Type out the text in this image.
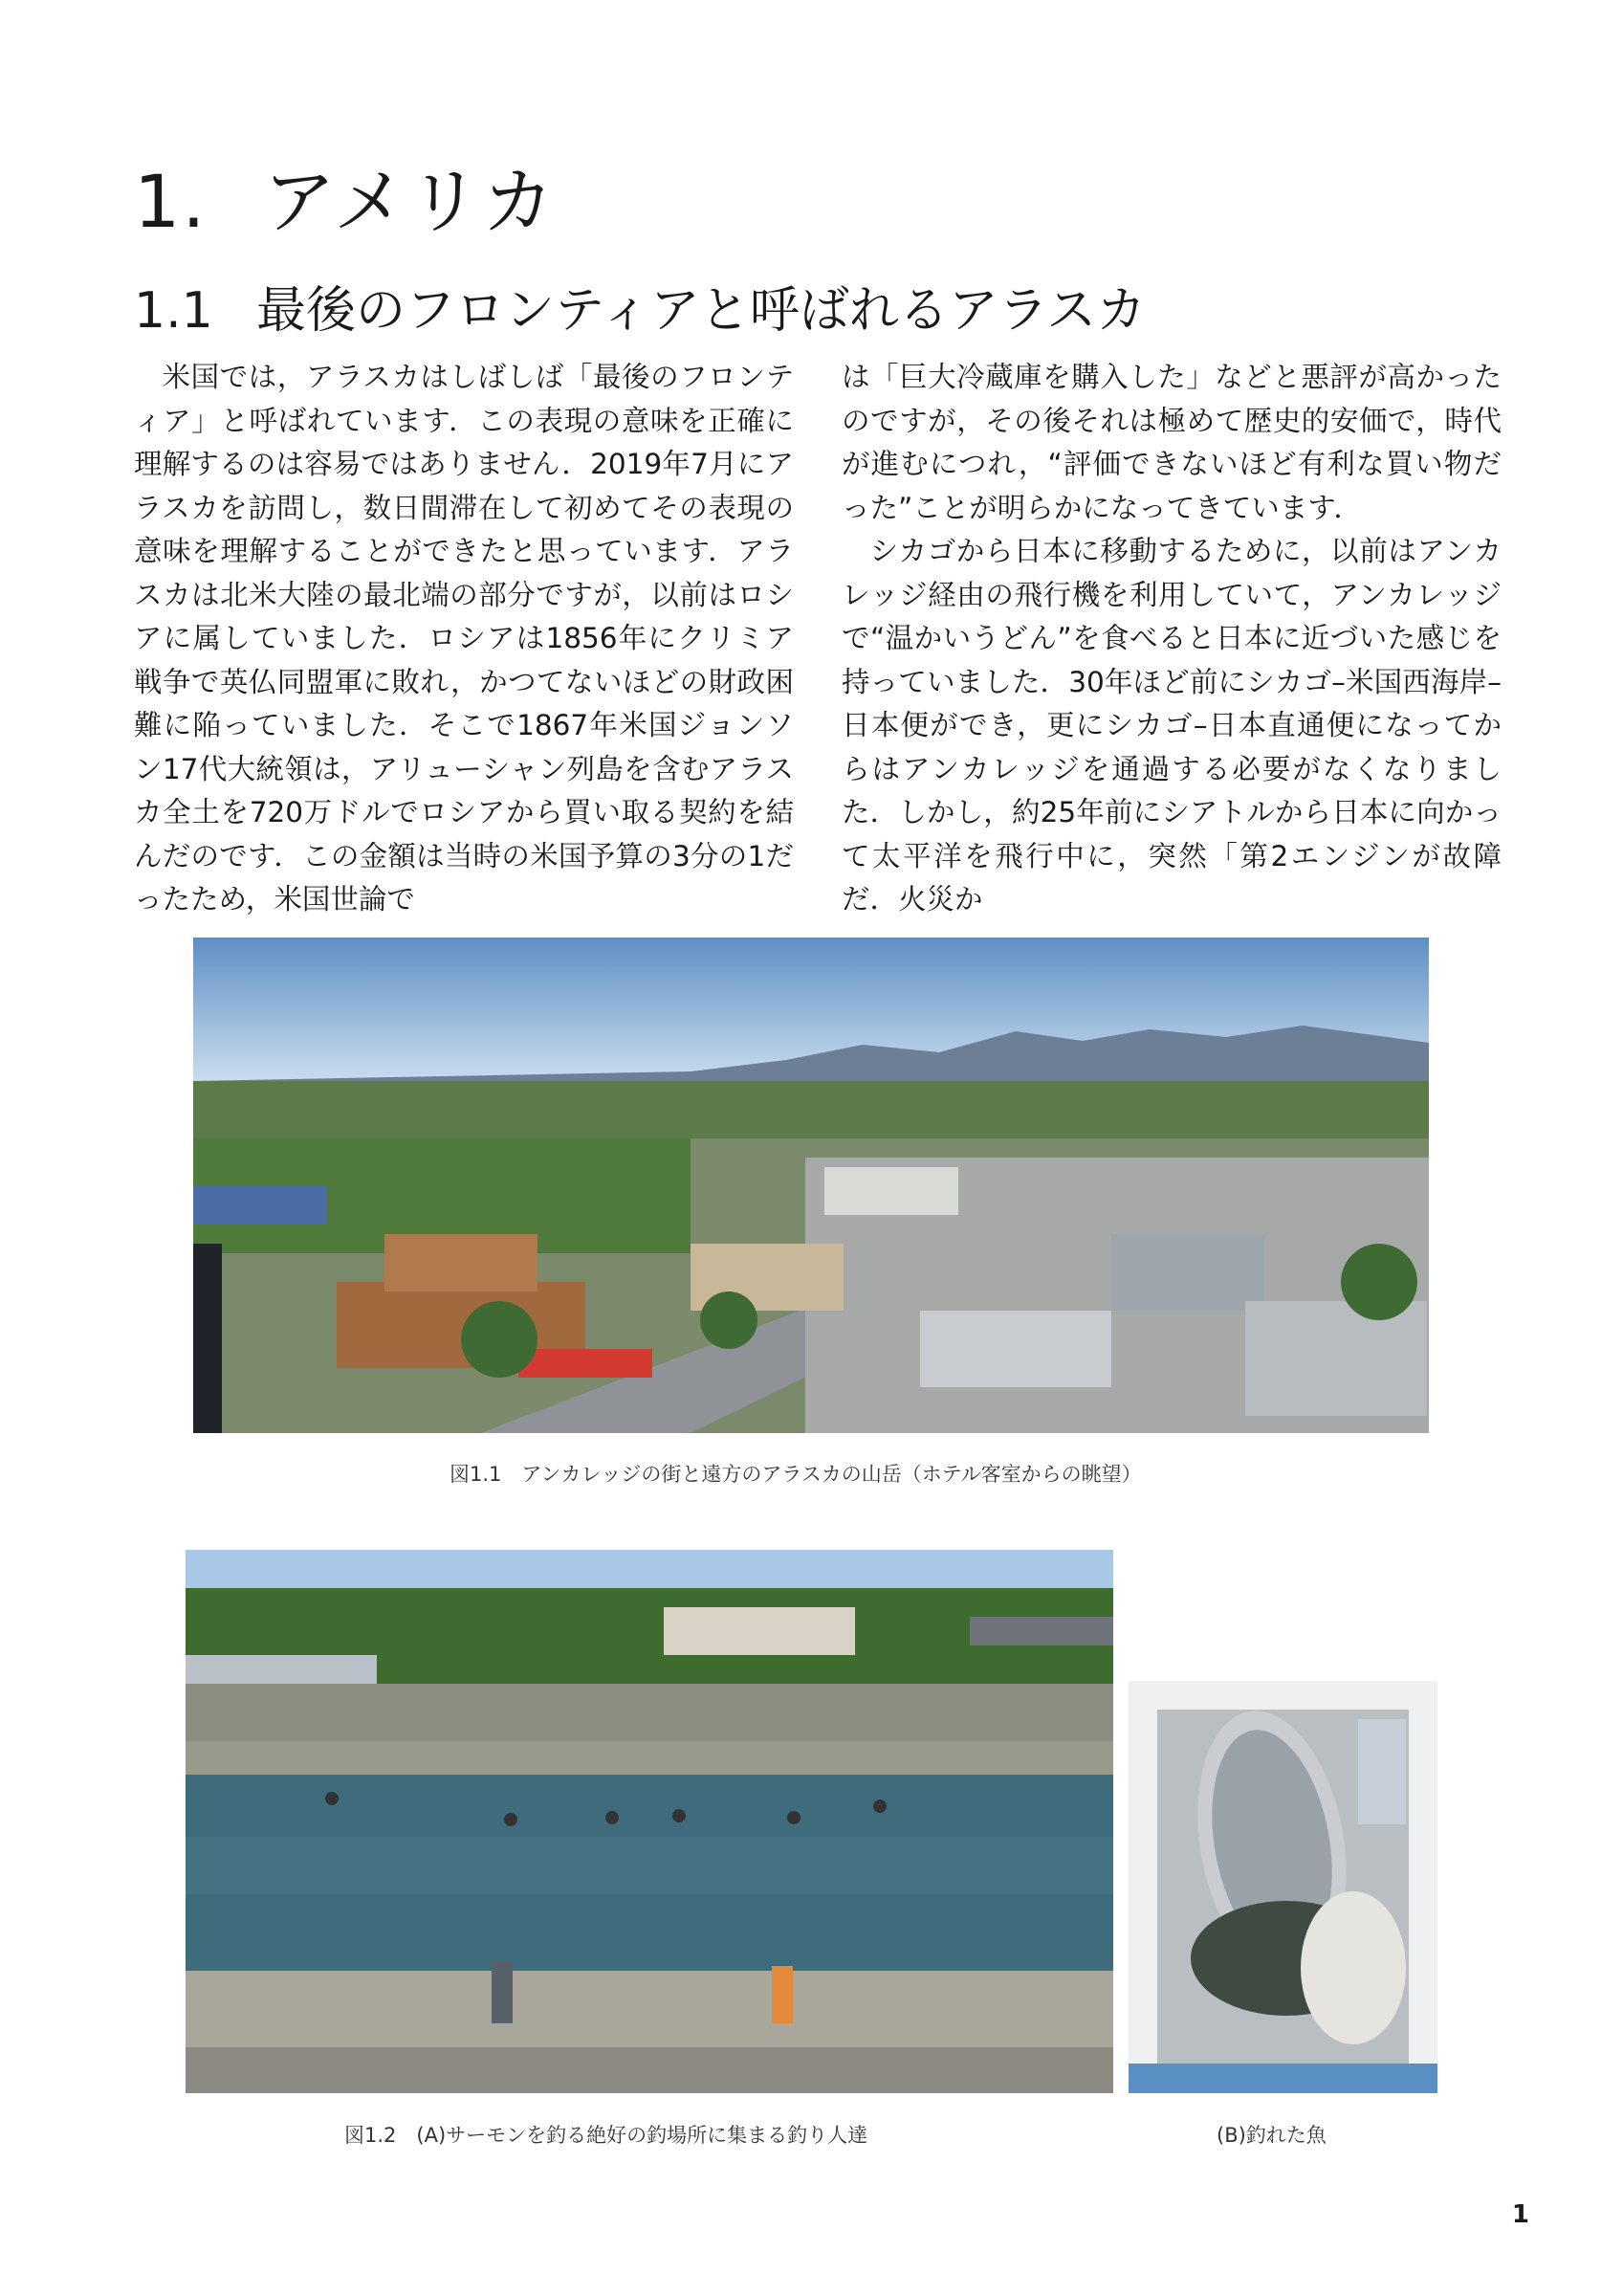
1. アメリカ
1.1 最後のフロンティアと呼ばれるアラスカ

米国では，アラスカはしばしば「最後のフロンティア」と呼ばれています．この表現の意味を正確に理解するのは容易ではありません．2019年7月にアラスカを訪問し，数日間滞在して初めてその表現の意味を理解することができたと思っています．アラスカは北米大陸の最北端の部分ですが，以前はロシアに属していました．ロシアは1856年にクリミア戦争で英仏同盟軍に敗れ，かつてないほどの財政困難に陥っていました．そこで1867年米国ジョンソン17代大統領は，アリューシャン列島を含むアラスカ全土を720万ドルでロシアから買い取る契約を結んだのです．この金額は当時の米国予算の3分の1だったため，米国世論で

は「巨大冷蔵庫を購入した」などと悪評が高かったのですが，その後それは極めて歴史的安価で，時代が進むにつれ，“評価できないほど有利な買い物だった”ことが明らかになってきています．

シカゴから日本に移動するために，以前はアンカレッジ経由の飛行機を利用していて，アンカレッジで“温かいうどん”を食べると日本に近づいた感じを持っていました．30年ほど前にシカゴ–米国西海岸–日本便ができ，更にシカゴ–日本直通便になってからはアンカレッジを通過する必要がなくなりました．しかし，約25年前にシアトルから日本に向かって太平洋を飛行中に，突然「第2エンジンが故障だ．火災か

図1.1　アンカレッジの街と遠方のアラスカの山岳（ホテル客室からの眺望）
図1.2　(A)サーモンを釣る絶好の釣場所に集まる釣り人達	(B)釣れた魚
1
